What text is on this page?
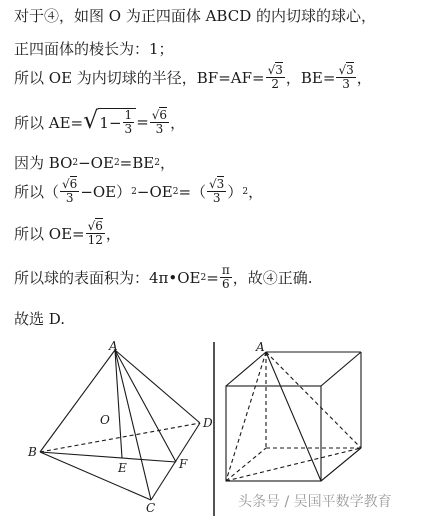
对于④，如图 O 为正四面体 ABCD 的内切球的球心，
正四面体的棱长为：1；
所以 OE 为内切球的半径，$BF=AF= \frac{√3}{2}$ ，$BE= \frac{√3}{3}$ ，
所以 AE= √ $1- \frac{1}{3} = \frac{√6}{3}$ ，
因为 BO 2 −OE 2 =BE 2 ，
所以（ $\frac{√6}{3} -OE$） 2 −OE 2 =（ $\frac{√3}{3}$ ） 2 ，
所以 $OE= \frac{√6}{12}$ ，
所以球的表面积为：4π•OE $2 = \frac{\pi}{6}$ ，故④正确.
故选 D.
A
O	D
B
E	F
C
A
头条号 / 吴国平数学教育
